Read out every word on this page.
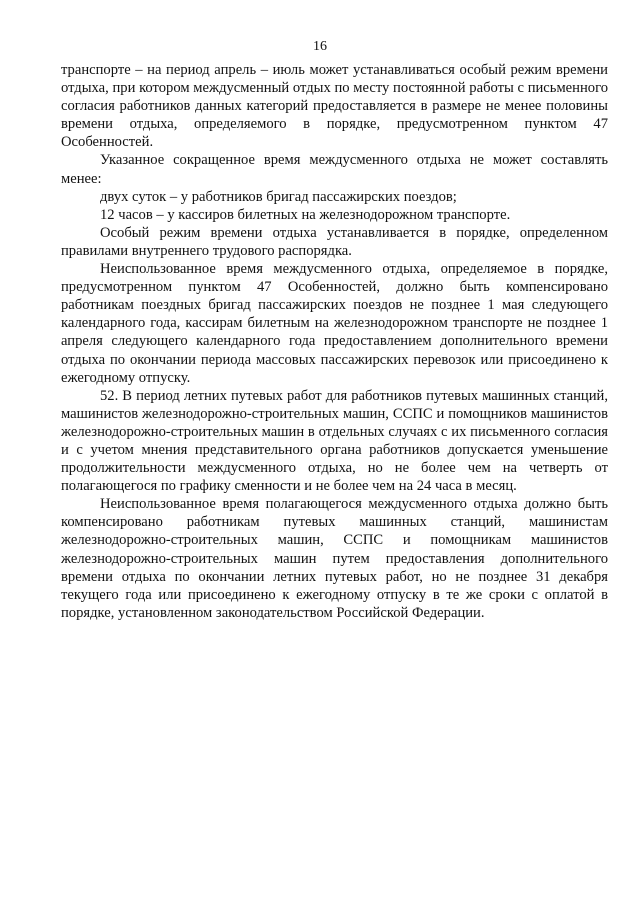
16

транспорте – на период апрель – июль может устанавливаться особый режим времени отдыха, при котором междусменный отдых по месту постоянной работы с письменного согласия работников данных категорий предоставляется в размере не менее половины времени отдыха, определяемого в порядке, предусмотренном пунктом 47 Особенностей.

Указанное сокращенное время междусменного отдыха не может составлять менее:

двух суток – у работников бригад пассажирских поездов;

12 часов – у кассиров билетных на железнодорожном транспорте.

Особый режим времени отдыха устанавливается в порядке, определенном правилами внутреннего трудового распорядка.

Неиспользованное время междусменного отдыха, определяемое в порядке, предусмотренном пунктом 47 Особенностей, должно быть компенсировано работникам поездных бригад пассажирских поездов не позднее 1 мая следующего календарного года, кассирам билетным на железнодорожном транспорте не позднее 1 апреля следующего календарного года предоставлением дополнительного времени отдыха по окончании периода массовых пассажирских перевозок или присоединено к ежегодному отпуску.

52. В период летних путевых работ для работников путевых машинных станций, машинистов железнодорожно-строительных машин, ССПС и помощников машинистов железнодорожно-строительных машин в отдельных случаях с их письменного согласия и с учетом мнения представительного органа работников допускается уменьшение продолжительности междусменного отдыха, но не более чем на четверть от полагающегося по графику сменности и не более чем на 24 часа в месяц.

Неиспользованное время полагающегося междусменного отдыха должно быть компенсировано работникам путевых машинных станций, машинистам железнодорожно-строительных машин, ССПС и помощникам машинистов железнодорожно-строительных машин путем предоставления дополнительного времени отдыха по окончании летних путевых работ, но не позднее 31 декабря текущего года или присоединено к ежегодному отпуску в те же сроки с оплатой в порядке, установленном законодательством Российской Федерации.
